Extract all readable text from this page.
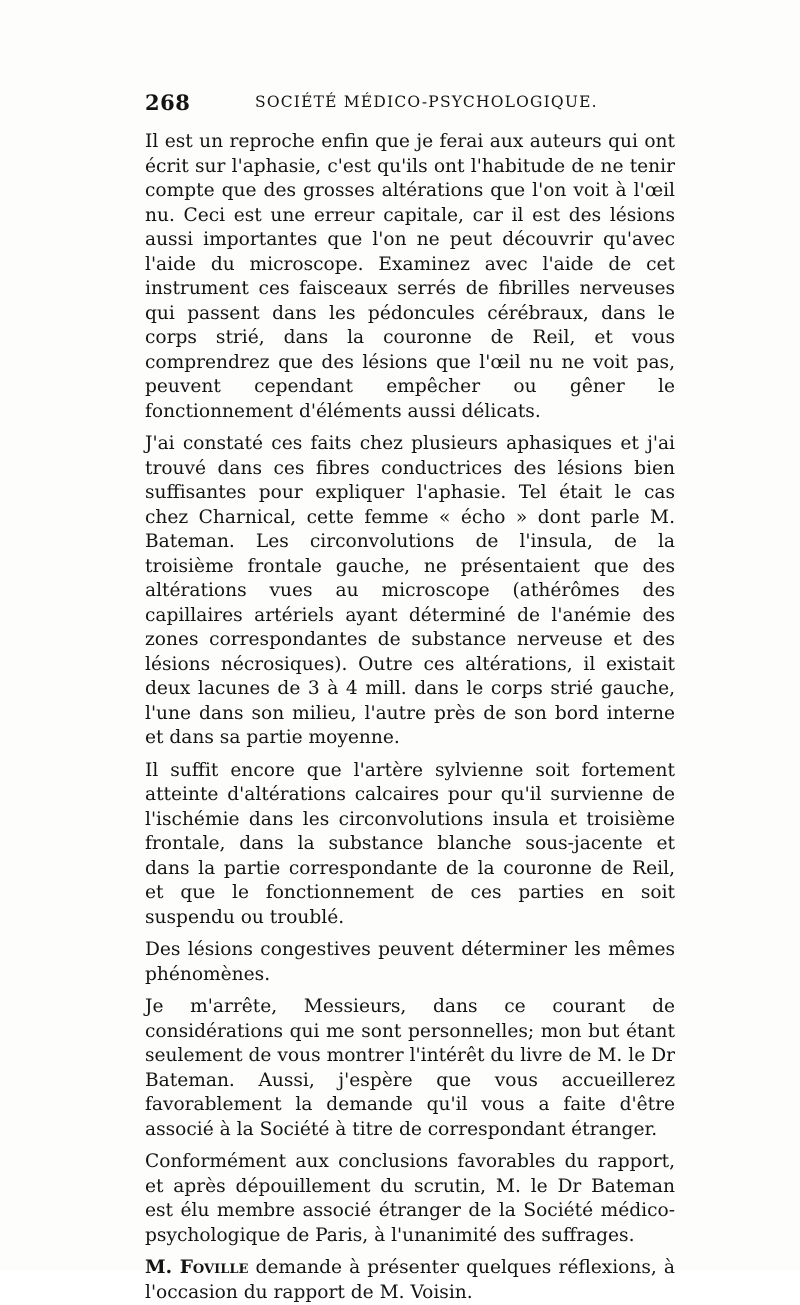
268	SOCIÉTÉ MÉDICO-PSYCHOLOGIQUE.

Il est un reproche enfin que je ferai aux auteurs qui ont écrit sur l'aphasie, c'est qu'ils ont l'habitude de ne tenir compte que des grosses altérations que l'on voit à l'œil nu. Ceci est une erreur capitale, car il est des lésions aussi importantes que l'on ne peut découvrir qu'avec l'aide du microscope. Examinez avec l'aide de cet instrument ces faisceaux serrés de fibrilles nerveuses qui passent dans les pédoncules cérébraux, dans le corps strié, dans la couronne de Reil, et vous comprendrez que des lésions que l'œil nu ne voit pas, peuvent cependant empêcher ou gêner le fonctionnement d'éléments aussi délicats.

J'ai constaté ces faits chez plusieurs aphasiques et j'ai trouvé dans ces fibres conductrices des lésions bien suffisantes pour expliquer l'aphasie. Tel était le cas chez Charnical, cette femme « écho » dont parle M. Bateman. Les circonvolutions de l'insula, de la troisième frontale gauche, ne présentaient que des altérations vues au microscope (athérômes des capillaires artériels ayant déterminé de l'anémie des zones correspondantes de substance nerveuse et des lésions nécrosiques). Outre ces altérations, il existait deux lacunes de 3 à 4 mill. dans le corps strié gauche, l'une dans son milieu, l'autre près de son bord interne et dans sa partie moyenne.

Il suffit encore que l'artère sylvienne soit fortement atteinte d'altérations calcaires pour qu'il survienne de l'ischémie dans les circonvolutions insula et troisième frontale, dans la substance blanche sous-jacente et dans la partie correspondante de la couronne de Reil, et que le fonctionnement de ces parties en soit suspendu ou troublé.

Des lésions congestives peuvent déterminer les mêmes phénomènes.

Je m'arrête, Messieurs, dans ce courant de considérations qui me sont personnelles; mon but étant seulement de vous montrer l'intérêt du livre de M. le Dr Bateman. Aussi, j'espère que vous accueillerez favorablement la demande qu'il vous a faite d'être associé à la Société à titre de correspondant étranger.

Conformément aux conclusions favorables du rapport, et après dépouillement du scrutin, M. le Dr Bateman est élu membre associé étranger de la Société médico-psychologique de Paris, à l'unanimité des suffrages.

M. Foville demande à présenter quelques réflexions, à l'occasion du rapport de M. Voisin.
